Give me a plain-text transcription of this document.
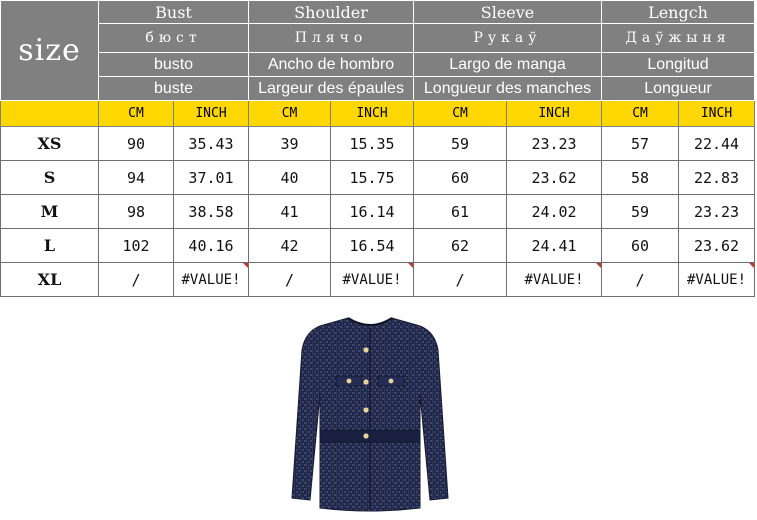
size	Bust		Shoulder		Sleeve		Lengch	
	бюст		Плячо		Рукаў		Даўжыня	
	busto		Ancho de hombro		Largo de manga		Longitud	
	buste		Largeur des épaules		Longueur des manches		Longueur	
	CM	INCH	CM	INCH	CM	INCH	CM	INCH
XS	90	35.43	39	15.35	59	23.23	57	22.44
S	94	37.01	40	15.75	60	23.62	58	22.83
M	98	38.58	41	16.14	61	24.02	59	23.23
L	102	40.16	42	16.54	62	24.41	60	23.62
XL	/	#VALUE!	/	#VALUE!	/	#VALUE!	/	#VALUE!
